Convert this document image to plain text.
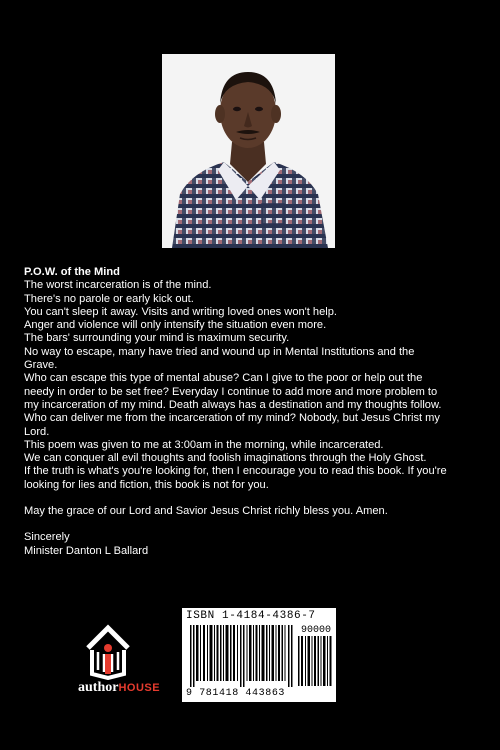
P.O.W. of the Mind

The worst incarceration is of the mind.

There's no parole or early kick out.

You can't sleep it away. Visits and writing loved ones won't help.

Anger and violence will only intensify the situation even more.

The bars' surrounding your mind is maximum security.

No way to escape, many have tried and wound up in Mental Institutions and the

Grave.

Who can escape this type of mental abuse? Can I give to the poor or help out the

needy in order to be set free? Everyday I continue to add more and more problem to

my incarceration of my mind. Death always has a destination and my thoughts follow.

Who can deliver me from the incarceration of my mind? Nobody, but Jesus Christ my

Lord.

This poem was given to me at 3:00am in the morning, while incarcerated.

We can conquer all evil thoughts and foolish imaginations through the Holy Ghost.

If the truth is what's you're looking for, then I encourage you to read this book. If you're

looking for lies and fiction, this book is not for you.

May the grace of our Lord and Savior Jesus Christ richly bless you. Amen.

Sincerely

Minister Danton L Ballard

authorHOUSE
ISBN 1-4184-4386-7
90000
9 781418 443863
